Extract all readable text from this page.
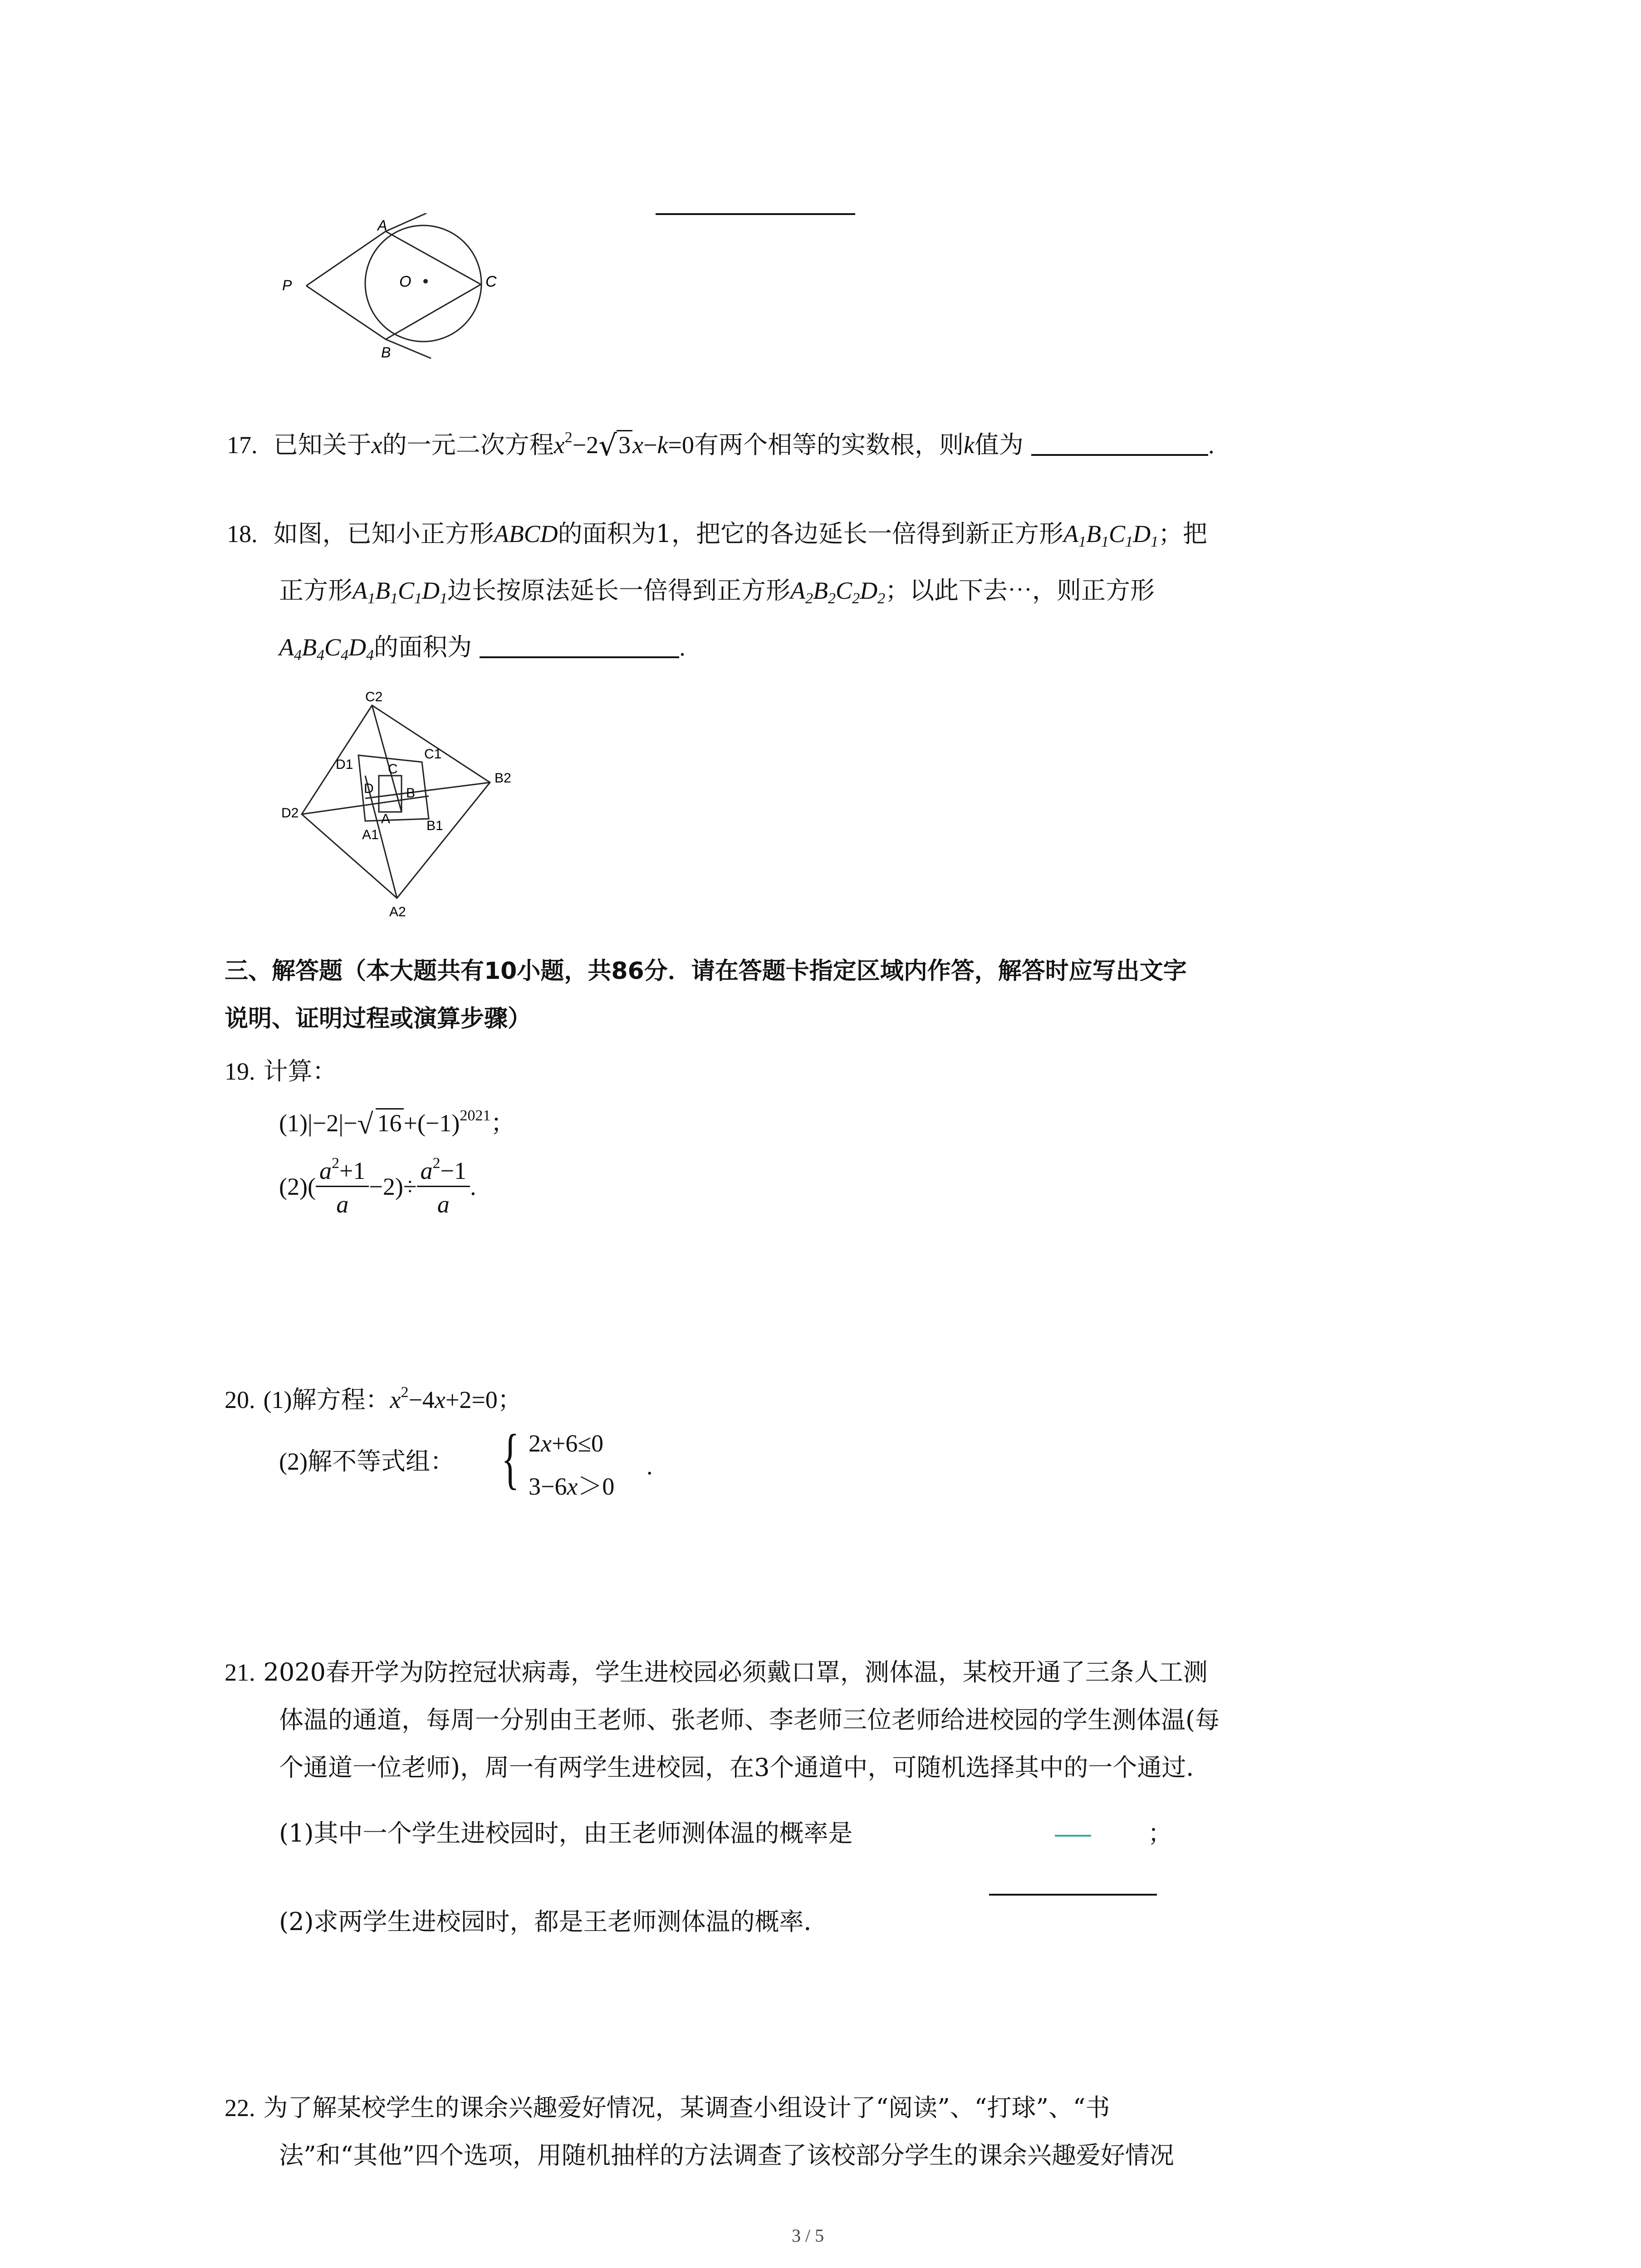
A
B
C
O
P
17. 已知关于x的一元二次方程$x^2-2$ √ 3x−k=0有两个相等的实数根，则k值为	.
18. 如图，已知小正方形ABCD的面积为1，把它的各边延长一倍得到新正方形$A_1B_1C_1D_1$；把
正方形$A_1B_1C_1D_1$边长按原法延长一倍得到正方形$A_2B_2C_2D_2$；以此下去⋯，则正方形
$A_4B_4C_4D_4$的面积为	.
C2
C1
C
D1
D B
B1
B2
D2	A
A1
A2
三、解答题（本大题共有10小题，共86分．请在答题卡指定区域内作答，解答时应写出文字
说明、证明过程或演算步骤）
19. 计算：
(1)|−2|− √ $16+(-1)^{2021}$；
$(2)( \frac{a^2+1}{a} -2)\div \frac{a^2-1}{a}$ .
20. (1)解方程：$x^2-4x+2=0$；
(2)解不等式组： { 2x+6≤0
3−6x＞0
.
21. 2020春开学为防控冠状病毒，学生进校园必须戴口罩，测体温，某校开通了三条人工测
体温的通道，每周一分别由王老师、张老师、李老师三位老师给进校园的学生测体温(每
个通道一位老师)，周一有两学生进校园，在3个通道中，可随机选择其中的一个通过．
(1)其中一个学生进校园时，由王老师测体温的概率是	；
(2)求两学生进校园时，都是王老师测体温的概率．
22. 为了解某校学生的课余兴趣爱好情况，某调查小组设计了“阅读”、“打球”、“书
法”和“其他”四个选项，用随机抽样的方法调查了该校部分学生的课余兴趣爱好情况
3 / 5
